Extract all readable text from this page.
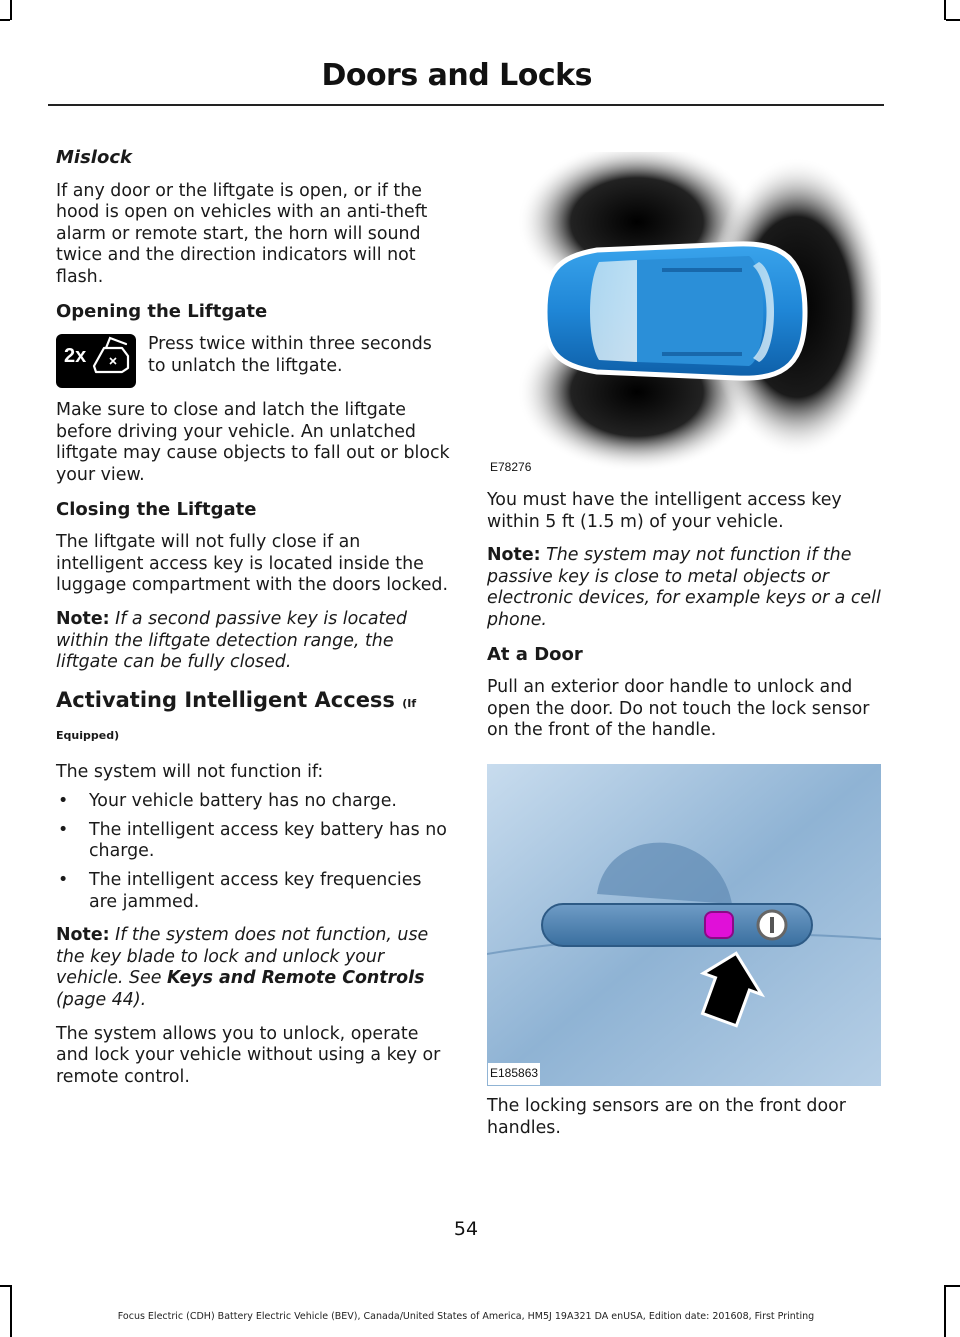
Doors and Locks

Mislock

If any door or the liftgate is open, or if the hood is open on vehicles with an anti-theft alarm or remote start, the horn will sound twice and the direction indicators will not flash.

Opening the Liftgate

2x
Press twice within three seconds to unlatch the liftgate.

Make sure to close and latch the liftgate before driving your vehicle. An unlatched liftgate may cause objects to fall out or block your view.

Closing the Liftgate

The liftgate will not fully close if an intelligent access key is located inside the luggage compartment with the doors locked.

Note: If a second passive key is located within the liftgate detection range, the liftgate can be fully closed.

Activating Intelligent Access (If Equipped)

The system will not function if:

• Your vehicle battery has no charge.
• The intelligent access key battery has no charge.
• The intelligent access key frequencies are jammed.

Note: If the system does not function, use the key blade to lock and unlock your vehicle. See Keys and Remote Controls (page 44).

The system allows you to unlock, operate and lock your vehicle without using a key or remote control.

E78276

You must have the intelligent access key within 5 ft (1.5 m) of your vehicle.

Note: The system may not function if the passive key is close to metal objects or electronic devices, for example keys or a cell phone.

At a Door

Pull an exterior door handle to unlock and open the door. Do not touch the lock sensor on the front of the handle.

E185863

The locking sensors are on the front door handles.

54
Focus Electric (CDH) Battery Electric Vehicle (BEV), Canada/United States of America, HM5J 19A321 DA enUSA, Edition date: 201608, First Printing
